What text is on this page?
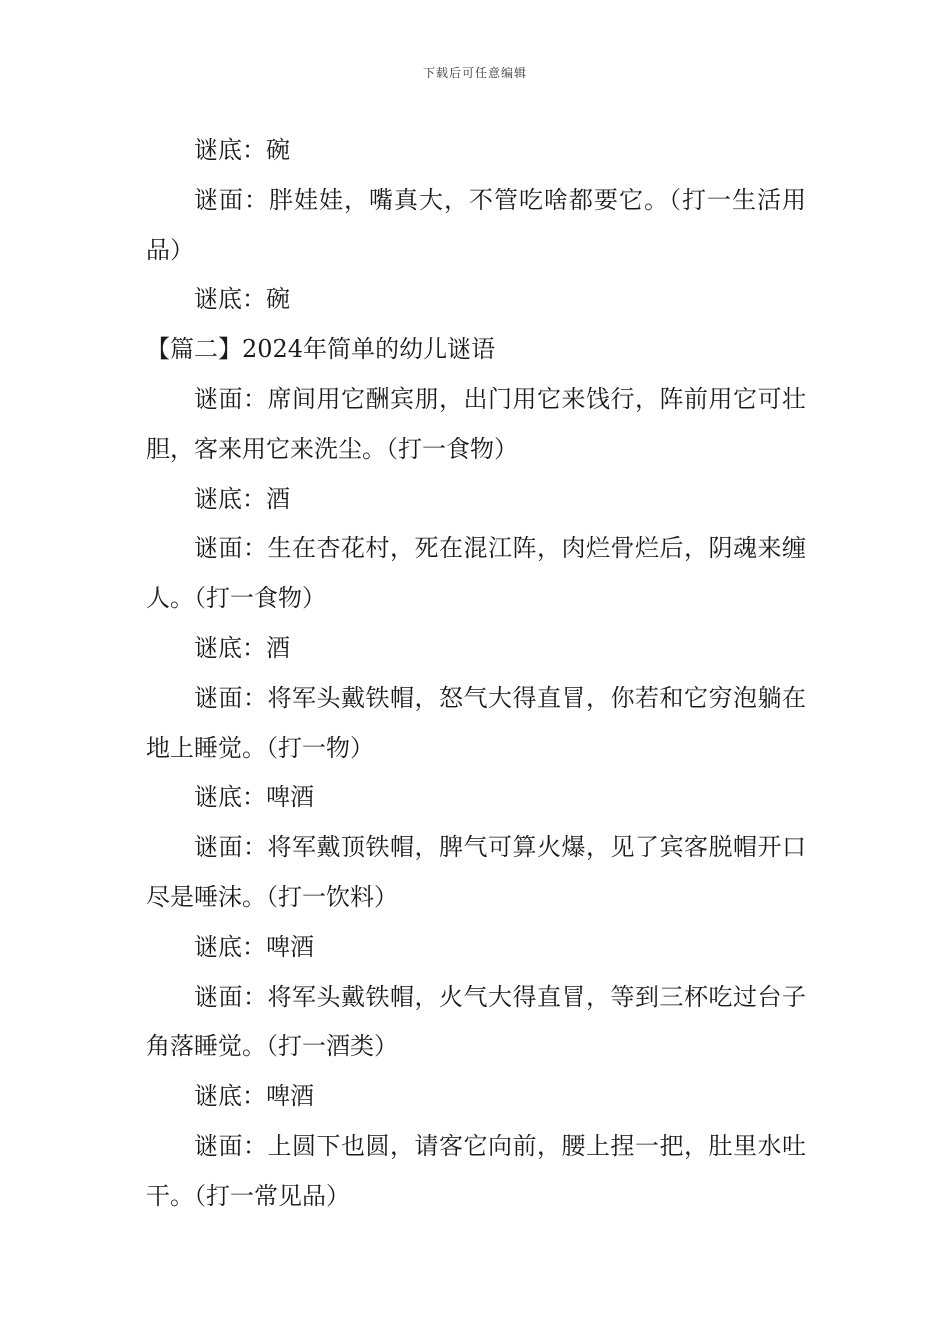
下载后可任意编辑

谜底：碗

谜面：胖娃娃，嘴真大，不管吃啥都要它。（打一生活用品）

谜底：碗

【篇二】2024年简单的幼儿谜语

谜面：席间用它酬宾朋，出门用它来饯行，阵前用它可壮胆，客来用它来洗尘。（打一食物）

谜底：酒

谜面：生在杏花村，死在混江阵，肉烂骨烂后，阴魂来缠人。（打一食物）

谜底：酒

谜面：将军头戴铁帽，怒气大得直冒，你若和它穷泡躺在地上睡觉。（打一物）

谜底：啤酒

谜面：将军戴顶铁帽，脾气可算火爆，见了宾客脱帽开口尽是唾沫。（打一饮料）

谜底：啤酒

谜面：将军头戴铁帽，火气大得直冒，等到三杯吃过台子角落睡觉。（打一酒类）

谜底：啤酒

谜面：上圆下也圆，请客它向前，腰上捏一把，肚里水吐干。（打一常见品）
